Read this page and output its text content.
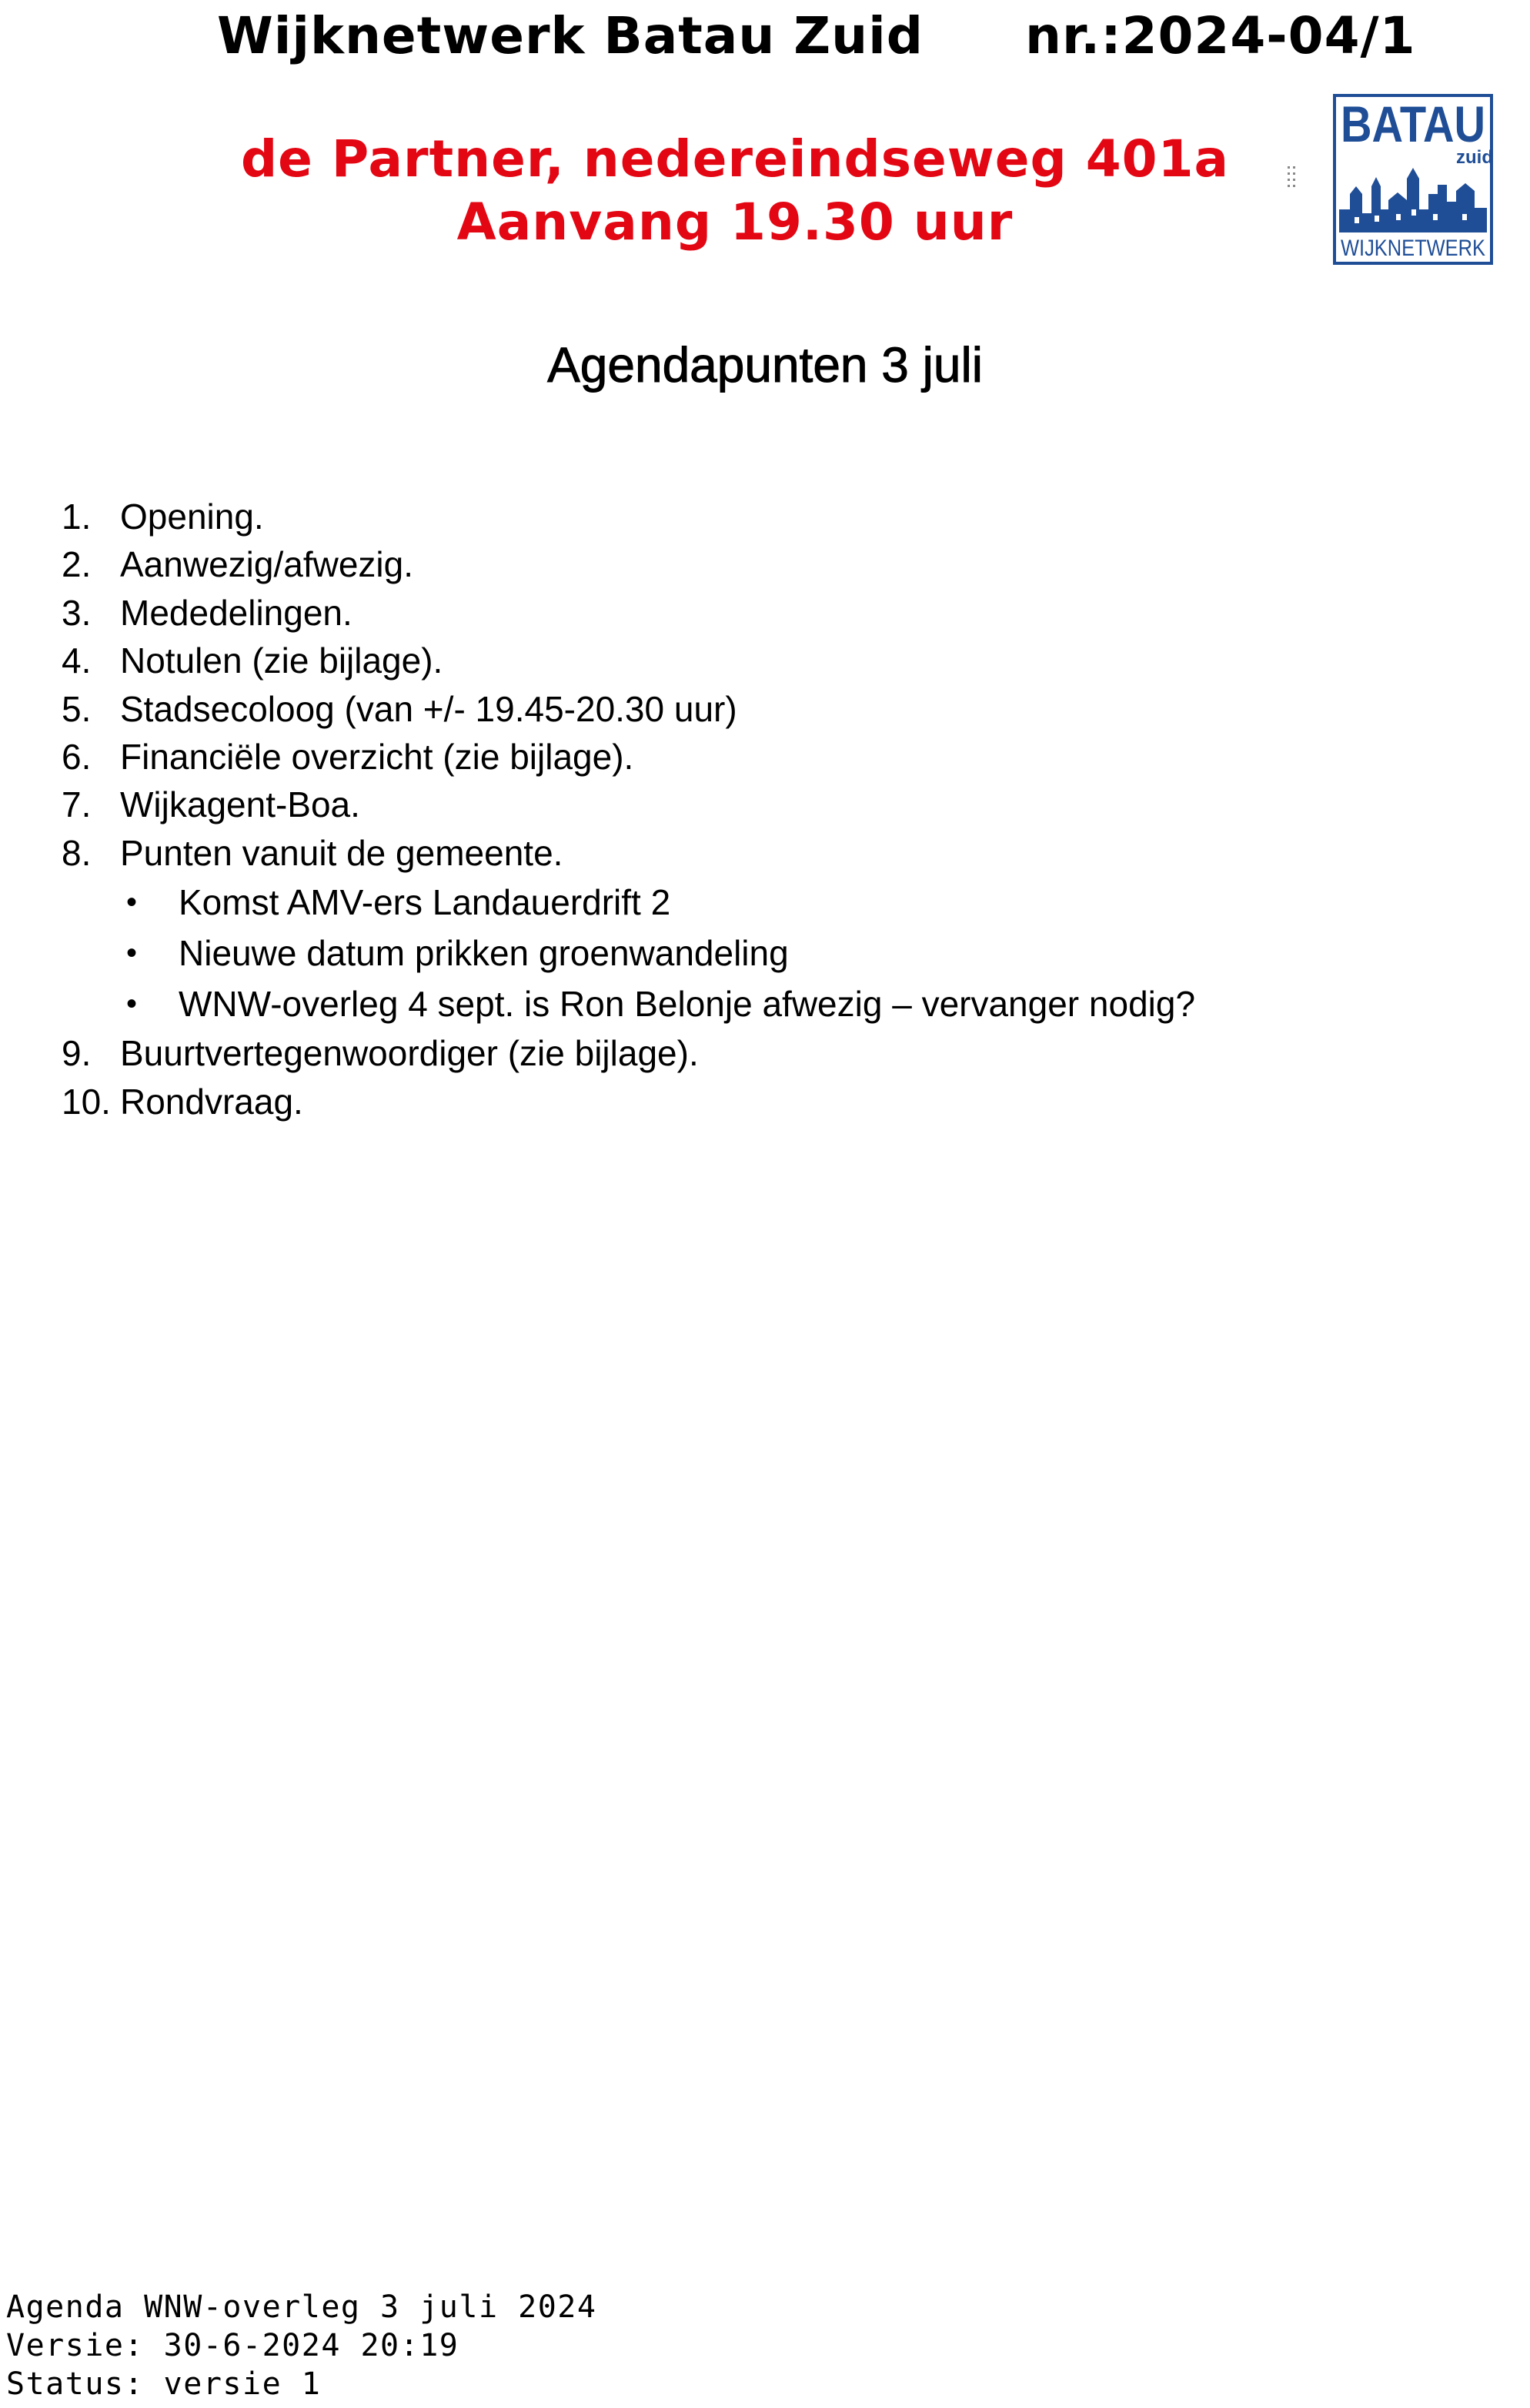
Wijknetwerk Batau Zuid nr.:2024-04/1
de Partner, nedereindseweg 401a
Aanvang 19.30 uur
BATAU
zuid
WIJKNETWERK
Agendapunten 3 juli
1. Opening.
2. Aanwezig/afwezig.
3. Mededelingen.
4. Notulen (zie bijlage).
5. Stadsecoloog (van +/- 19.45-20.30 uur)
6. Financiële overzicht (zie bijlage).
7. Wijkagent-Boa.
8. Punten vanuit de gemeente.
• Komst AMV-ers Landauerdrift 2
• Nieuwe datum prikken groenwandeling
• WNW-overleg 4 sept. is Ron Belonje afwezig – vervanger nodig?
9. Buurtvertegenwoordiger (zie bijlage).
10. Rondvraag.
Agenda WNW-overleg 3 juli 2024
Versie: 30-6-2024 20:19
Status: versie 1
